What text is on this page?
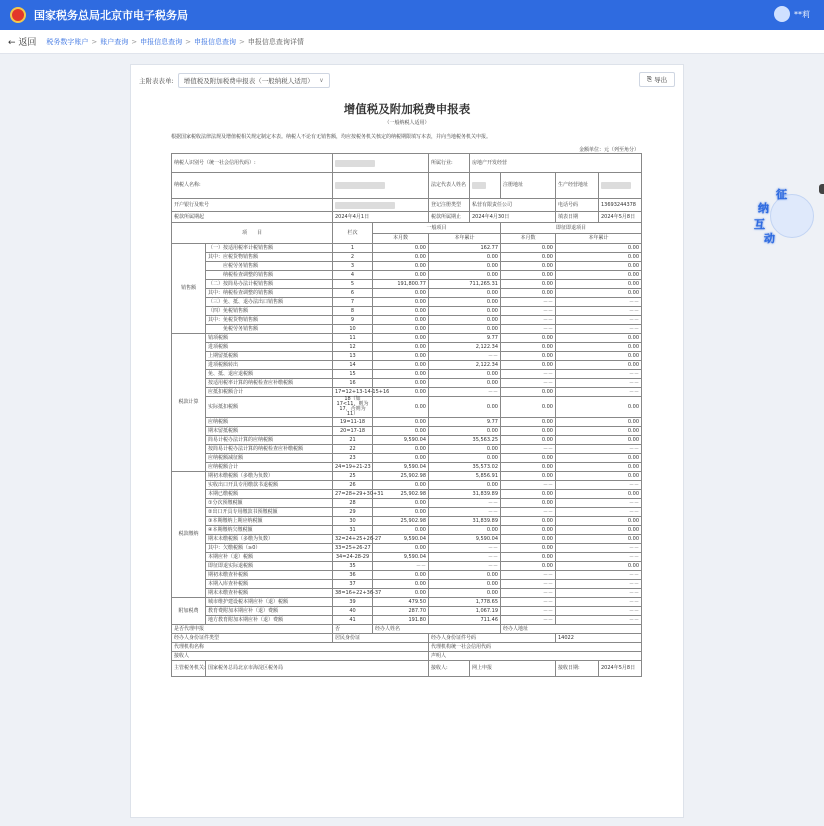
国家税务总局北京市电子税务局	**莉
← 返回 税务数字账户 > 账户查询 > 申报信息查询 > 申报信息查询 > 申报信息查询详情
主附表表单: 增值税及附加税费申报表（一般纳税人适用） ∨	⎘ 导出
增值税及附加税费申报表
（一般纳税人适用）
根据国家税收法律法规及增值税相关规定制定本表。纳税人不论有无销售额，均应按税务机关核定的纳税期限填写本表，并向当地税务机关申报。
金额单位：元（列至角分）
纳税人识别号（统一社会信用代码）:				所属行业:	房地产开发经营			
纳税人名称:				法定代表人姓名		注册地址	生产经营地址	
开户银行及账号				登记注册类型	私营有限责任公司		电话号码	13693244378
税款所属期起		2024年4月1日		税款所属期止	2024年4月30日		填表日期	2024年5月8日
项　　目		栏次	一般项目			即征即退项目		
			本月数	本年累计		本月数	本年累计	
销售额	（一）按适用税率计税销售额	1	0.00	162.77		0.00	0.00	
	其中：应税货物销售额	2	0.00	0.00		0.00	0.00	
	　　　应税劳务销售额	3	0.00	0.00		0.00	0.00	
	　　　纳税检查调整的销售额	4	0.00	0.00		0.00	0.00	
	（二）按简易办法计税销售额	5	191,800.77	711,265.31		0.00	0.00	
	其中：纳税检查调整的销售额	6	0.00	0.00		0.00	0.00	
	（三）免、抵、退办法出口销售额	7	0.00	0.00		－－	－－	
	（四）免税销售额	8	0.00	0.00		－－	－－	
	其中：免税货物销售额	9	0.00	0.00		－－	－－	
	　　　免税劳务销售额	10	0.00	0.00		－－	－－	
税款计算	销项税额	11	0.00	9.77		0.00	0.00	
	进项税额	12	0.00	2,122.34		0.00	0.00	
	上期留抵税额	13	0.00	－－		0.00	0.00	
	进项税额转出	14	0.00	2,122.34		0.00	0.00	
	免、抵、退应退税额	15	0.00	0.00		－－	－－	
	按适用税率计算的纳税检查应补缴税额	16	0.00	0.00		－－	－－	
	应抵扣税额合计	17=12+13-14-15+16	0.00	－－		0.00	－－	
	实际抵扣税额	18（如17<11，则为17，否则为11）	0.00	0.00		0.00	0.00	
	应纳税额	19=11-18	0.00	9.77		0.00	0.00	
	期末留抵税额	20=17-18	0.00	0.00		0.00	0.00	
	简易计税办法计算的应纳税额	21	9,590.04	35,563.25		0.00	0.00	
	按简易计税办法计算的纳税检查应补缴税额	22	0.00	0.00		－－	－－	
	应纳税额减征额	23	0.00	0.00		0.00	0.00	
	应纳税额合计	24=19+21-23	9,590.04	35,573.02		0.00	0.00	
税款缴纳	期初未缴税额（多缴为负数）	25	25,902.98	5,856.91		0.00	0.00	
	实收出口开具专用缴款书退税额	26	0.00	0.00		－－	－－	
	本期已缴税额	27=28+29+30+31	25,902.98	31,839.89		0.00	0.00	
	①分次预缴税额	28	0.00	－－		0.00	－－	
	②出口开具专用缴款书预缴税额	29	0.00	－－		－－	－－	
	③本期缴纳上期应纳税额	30	25,902.98	31,839.89		0.00	0.00	
	④本期缴纳欠缴税额	31	0.00	0.00		0.00	0.00	
	期末未缴税额（多缴为负数）	32=24+25+26-27	9,590.04	9,590.04		0.00	0.00	
	其中：欠缴税额（≥0）	33=25+26-27	0.00	－－		0.00	－－	
	本期应补（退）税额	34=24-28-29	9,590.04	－－		0.00	－－	
	即征即退实际退税额	35	－－	－－		0.00	0.00	
	期初未缴查补税额	36	0.00	0.00		－－	－－	
	本期入库查补税额	37	0.00	0.00		－－	－－	
	期末未缴查补税额	38=16+22+36-37	0.00	0.00		－－	－－	
附加税费	城市维护建设税本期应补（退）税额	39	479.50	1,778.65		－－	－－	
	教育费附加本期应补（退）费额	40	287.70	1,067.19		－－	－－	
	地方教育附加本期应补（退）费额	41	191.80	711.46		－－	－－	
是否代理申报		否	经办人姓名			经办人地址		
经办人身份证件类型		居民身份证		经办人身份证件号码			14022	
代理机构名称				代理机构统一社会信用代码				
接收人				声明人				
主管税务机关:	国家税务总局北京市海淀区税务局			接收人:	网上申报		接收日期:	2024年5月8日
征
纳
互
动
